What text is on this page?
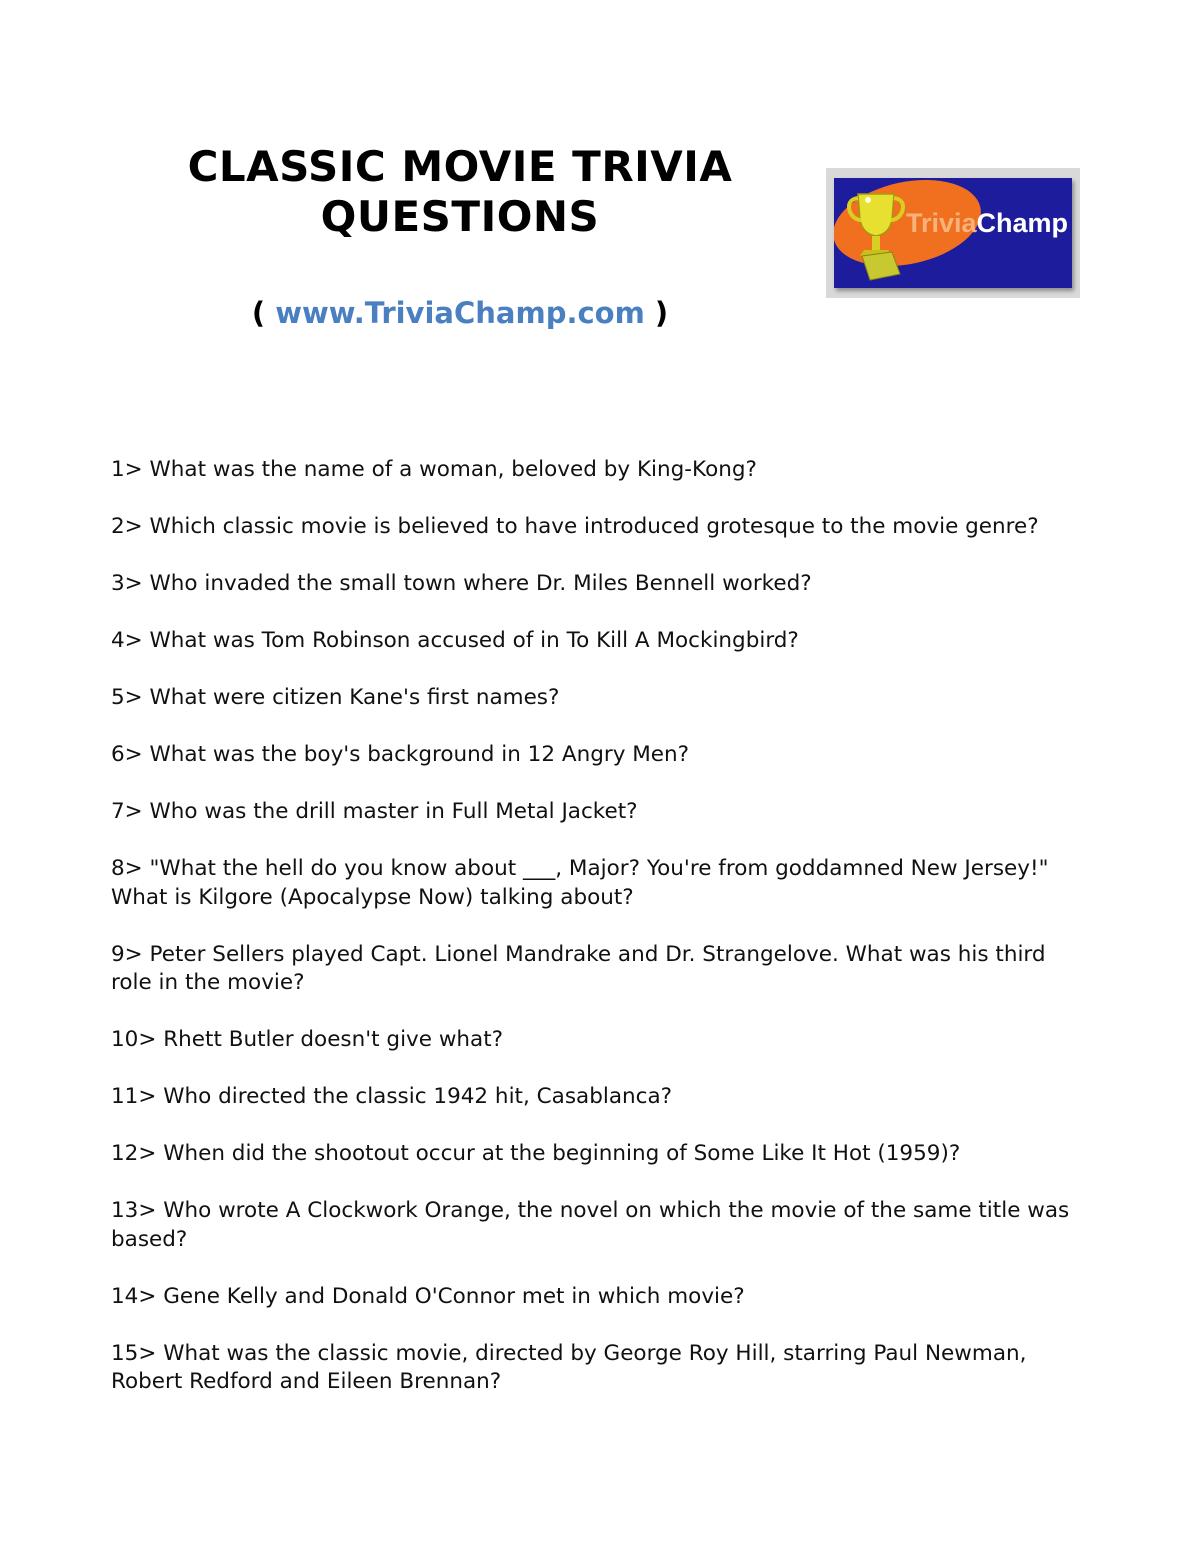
CLASSIC MOVIE TRIVIA
QUESTIONS
( www.TriviaChamp.com )
TriviaChamp

1> What was the name of a woman, beloved by King-Kong?

2> Which classic movie is believed to have introduced grotesque to the movie genre?

3> Who invaded the small town where Dr. Miles Bennell worked?

4> What was Tom Robinson accused of in To Kill A Mockingbird?

5> What were citizen Kane's first names?

6> What was the boy's background in 12 Angry Men?

7> Who was the drill master in Full Metal Jacket?

8> "What the hell do you know about ___, Major? You're from goddamned New Jersey!" What is Kilgore (Apocalypse Now) talking about?

9> Peter Sellers played Capt. Lionel Mandrake and Dr. Strangelove. What was his third role in the movie?

10> Rhett Butler doesn't give what?

11> Who directed the classic 1942 hit, Casablanca?

12> When did the shootout occur at the beginning of Some Like It Hot (1959)?

13> Who wrote A Clockwork Orange, the novel on which the movie of the same title was based?

14> Gene Kelly and Donald O'Connor met in which movie?

15> What was the classic movie, directed by George Roy Hill, starring Paul Newman, Robert Redford and Eileen Brennan?
